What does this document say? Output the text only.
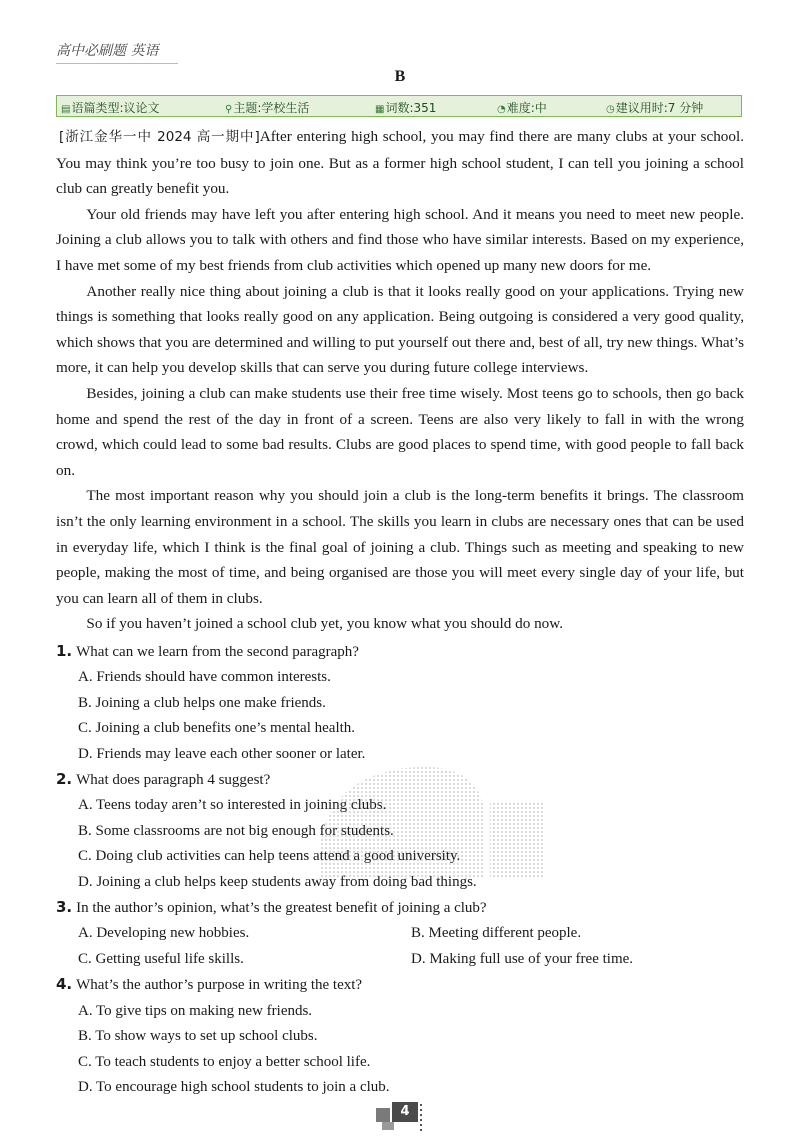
高中必刷题 英语
B
▤语篇类型:议论文	⚲主题:学校生活	▦词数:351	◔难度:中	◷建议用时:7 分钟

[浙江金华一中 2024 高一期中]After entering high school, you may find there are many clubs at your school. You may think you’re too busy to join one. But as a former high school student, I can tell you joining a school club can greatly benefit you.

Your old friends may have left you after entering high school. And it means you need to meet new people. Joining a club allows you to talk with others and find those who have similar interests. Based on my experience, I have met some of my best friends from club activities which opened up many new doors for me.

Another really nice thing about joining a club is that it looks really good on your applications. Trying new things is something that looks really good on any application. Being outgoing is considered a very good quality, which shows that you are determined and willing to put yourself out there and, best of all, try new things. What’s more, it can help you develop skills that can serve you during future college interviews.

Besides, joining a club can make students use their free time wisely. Most teens go to schools, then go back home and spend the rest of the day in front of a screen. Teens are also very likely to fall in with the wrong crowd, which could lead to some bad results. Clubs are good places to spend time, with good people to fall back on.

The most important reason why you should join a club is the long-term benefits it brings. The classroom isn’t the only learning environment in a school. The skills you learn in clubs are necessary ones that can be used in everyday life, which I think is the final goal of joining a club. Things such as meeting and speaking to new people, making the most of time, and being organised are those you will meet every single day of your life, but you can learn all of them in clubs.

So if you haven’t joined a school club yet, you know what you should do now.

1. What can we learn from the second paragraph?

A. Friends should have common interests.

B. Joining a club helps one make friends.

C. Joining a club benefits one’s mental health.

D. Friends may leave each other sooner or later.

2. What does paragraph 4 suggest?

A. Teens today aren’t so interested in joining clubs.

B. Some classrooms are not big enough for students.

C. Doing club activities can help teens attend a good university.

D. Joining a club helps keep students away from doing bad things.

3. In the author’s opinion, what’s the greatest benefit of joining a club?

A. Developing new hobbies.	B. Meeting different people.
C. Getting useful life skills.	D. Making full use of your free time.

4. What’s the author’s purpose in writing the text?

A. To give tips on making new friends.

B. To show ways to set up school clubs.

C. To teach students to enjoy a better school life.

D. To encourage high school students to join a club.

4
